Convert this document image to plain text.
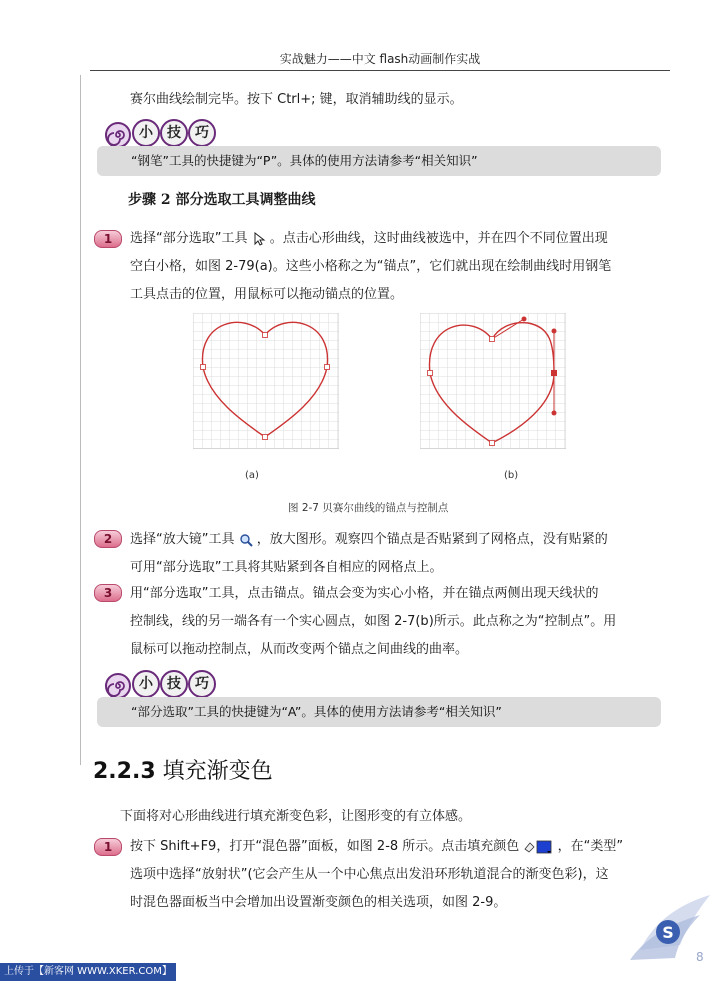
实战魅力——中文 flash动画制作实战
赛尔曲线绘制完毕。按下 Ctrl+; 键，取消辅助线的显示。
小	技	巧
“钢笔”工具的快捷键为“P”。具体的使用方法请参考“相关知识”
步骤 2 部分选取工具调整曲线
1	选择“部分选取”工具 。点击心形曲线，这时曲线被选中，并在四个不同位置出现
空白小格，如图 2-79(a)。这些小格称之为“锚点”，它们就出现在绘制曲线时用钢笔
工具点击的位置，用鼠标可以拖动锚点的位置。
(a)	(b)
图 2-7 贝赛尔曲线的锚点与控制点
2	选择“放大镜”工具 ，放大图形。观察四个锚点是否贴紧到了网格点，没有贴紧的
可用“部分选取”工具将其贴紧到各自相应的网格点上。
3	用“部分选取”工具，点击锚点。锚点会变为实心小格，并在锚点两侧出现天线状的
控制线，线的另一端各有一个实心圆点，如图 2-7(b)所示。此点称之为“控制点”。用
鼠标可以拖动控制点，从而改变两个锚点之间曲线的曲率。
小	技	巧
“部分选取”工具的快捷键为“A”。具体的使用方法请参考“相关知识”
2.2.3 填充渐变色
下面将对心形曲线进行填充渐变色彩，让图形变的有立体感。
1	按下 Shift+F9，打开“混色器”面板，如图 2-8 所示。点击填充颜色	，在“类型”
选项中选择“放射状”(它会产生从一个中心焦点出发沿环形轨道混合的渐变色彩)，这
时混色器面板当中会增加出设置渐变颜色的相关选项，如图 2-9。
S
8
上传于【新客网 WWW.XKER.COM】
